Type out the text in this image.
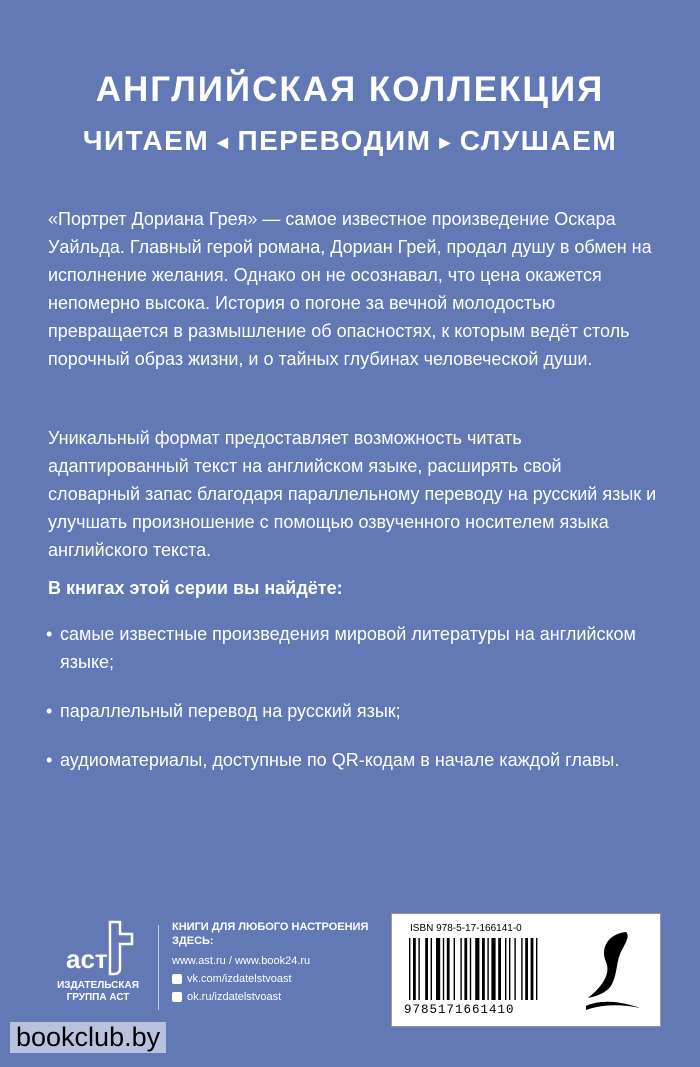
АНГЛИЙСКАЯ КОЛЛЕКЦИЯ
ЧИТАЕМ ◀ ПЕРЕВОДИМ ▶ СЛУШАЕМ
«Портрет Дориана Грея» — самое известное произведение Оскара Уайльда. Главный герой романа, Дориан Грей, продал душу в обмен на исполнение желания. Однако он не осознавал, что цена окажется непомерно высока. История о погоне за вечной молодостью превращается в размышление об опасностях, к которым ведёт столь порочный образ жизни, и о тайных глубинах человеческой души.
Уникальный формат предоставляет возможность читать адаптированный текст на английском языке, расширять свой словарный запас благодаря параллельному переводу на русский язык и улучшать произношение с помощью озвученного носителем языка английского текста.
В книгах этой серии вы найдёте:
• самые известные произведения мировой литературы на английском языке;
• параллельный перевод на русский язык;
• аудиоматериалы, доступные по QR-кодам в начале каждой главы.
аст
ИЗДАТЕЛЬСКАЯ ГРУППА АСТ
КНИГИ ДЛЯ ЛЮБОГО НАСТРОЕНИЯ ЗДЕСЬ:
www.ast.ru / www.book24.ru
vk.com/izdatelstvoast
ok.ru/izdatelstvoast
ISBN 978-5-17-166141-0
9785171661410
bookclub.by
